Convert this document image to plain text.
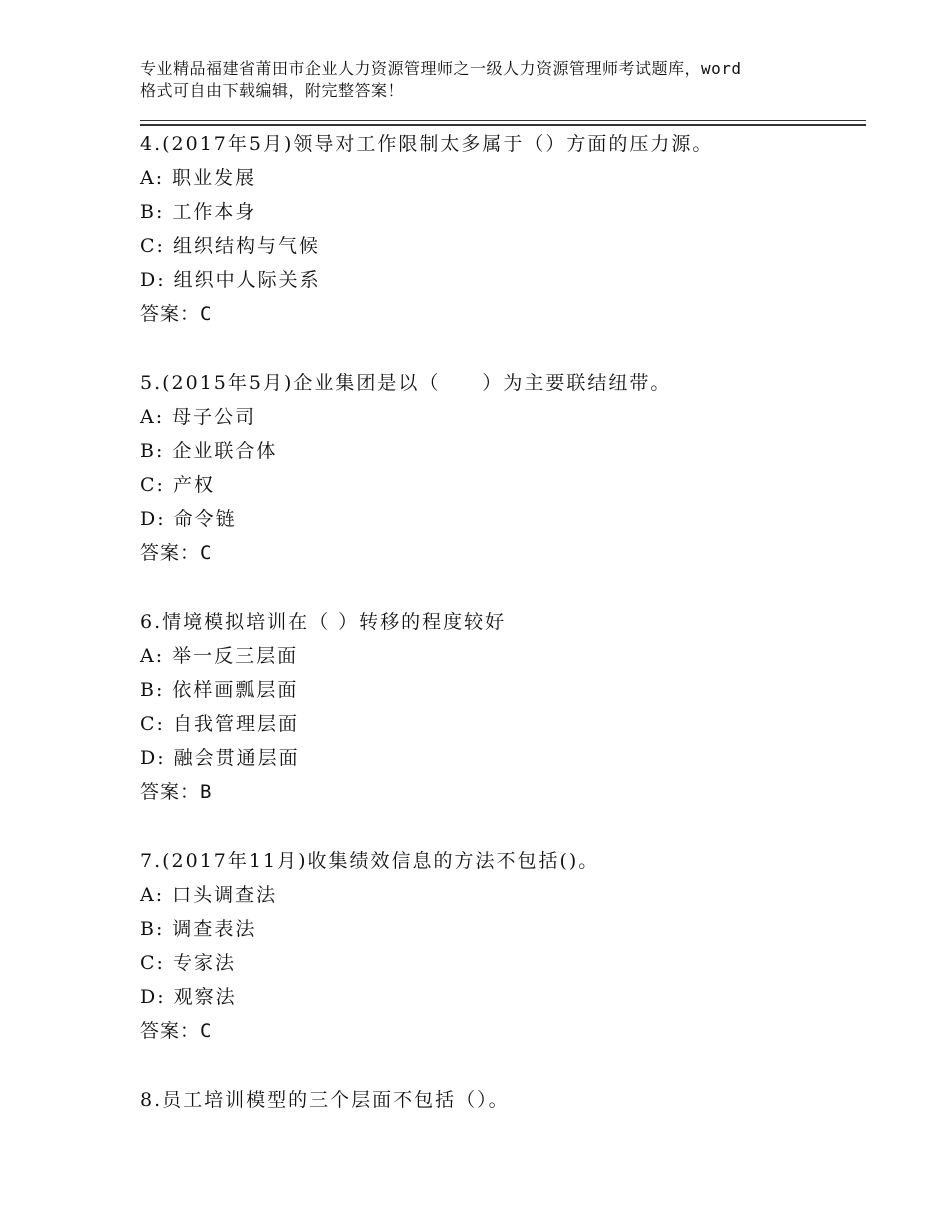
专业精品福建省莆田市企业人力资源管理师之一级人力资源管理师考试题库，word
格式可自由下载编辑，附完整答案！
4.(2017年5月)领导对工作限制太多属于（）方面的压力源。
A: 职业发展
B: 工作本身
C: 组织结构与气候
D: 组织中人际关系
答案：C
5.(2015年5月)企业集团是以（　　）为主要联结纽带。
A: 母子公司
B: 企业联合体
C: 产权
D: 命令链
答案：C
6.情境模拟培训在（ ）转移的程度较好
A: 举一反三层面
B: 依样画瓢层面
C: 自我管理层面
D: 融会贯通层面
答案：B
7.(2017年11月)收集绩效信息的方法不包括()。
A: 口头调查法
B: 调查表法
C: 专家法
D: 观察法
答案：C
8.员工培训模型的三个层面不包括（）。
